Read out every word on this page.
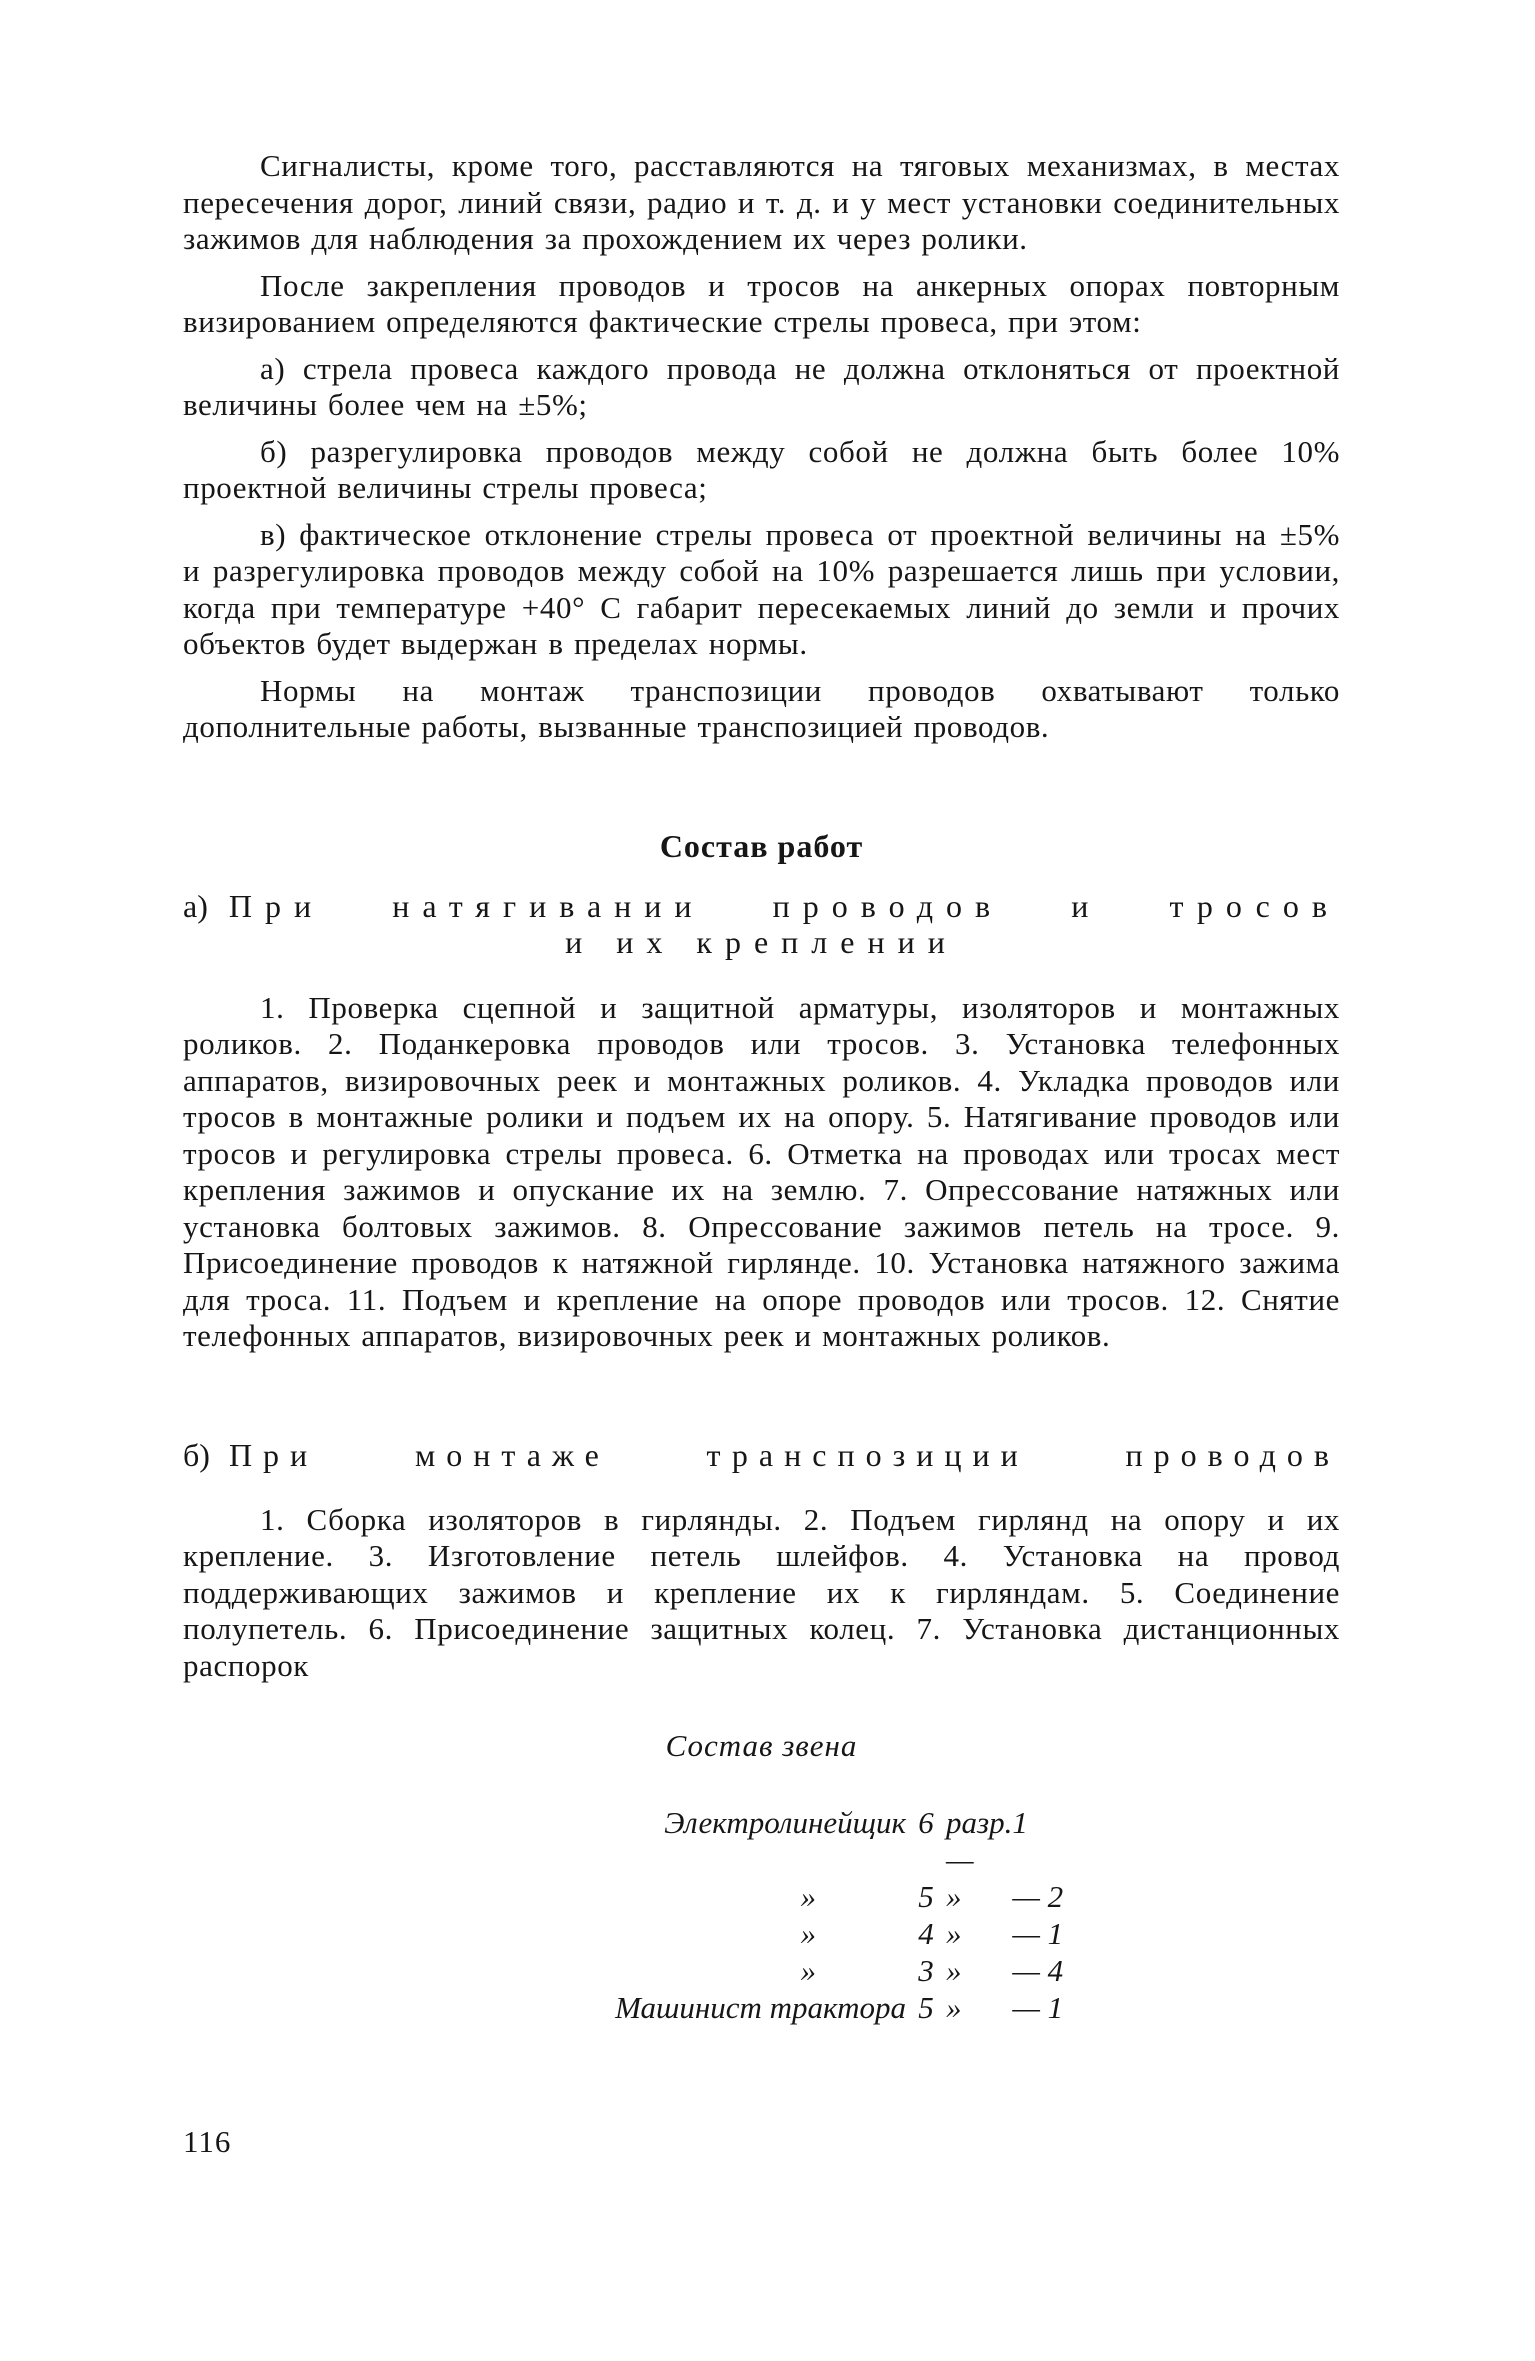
Сигналисты, кроме того, расставляются на тяговых механизмах, в местах пересечения дорог, линий связи, радио и т. д. и у мест установки соединительных зажимов для наблюдения за прохождением их через ролики.

После закрепления проводов и тросов на анкерных опорах повторным визированием определяются фактические стрелы провеса, при этом:

а) стрела провеса каждого провода не должна отклоняться от проектной величины более чем на ±5%;

б) разрегулировка проводов между собой не должна быть более 10% проектной величины стрелы провеса;

в) фактическое отклонение стрелы провеса от проектной величины на ±5% и разрегулировка проводов между собой на 10% разрешается лишь при условии, когда при температуре +40° С габарит пересекаемых линий до земли и прочих объектов будет выдержан в пределах нормы.

Нормы на монтаж транспозиции проводов охватывают только дополнительные работы, вызванные транспозицией проводов.

Состав работ
а) При натягивании проводов и тросов
и их креплении

1. Проверка сцепной и защитной арматуры, изоляторов и монтажных роликов. 2. Поданкеровка проводов или тросов. 3. Установка телефонных аппаратов, визировочных реек и монтажных роликов. 4. Укладка проводов или тросов в монтажные ролики и подъем их на опору. 5. Натягивание проводов или тросов и регулировка стрелы провеса. 6. Отметка на проводах или тросах мест крепления зажимов и опускание их на землю. 7. Опрессование натяжных или установка болтовых зажимов. 8. Опрессование зажимов петель на тросе. 9. Присоединение проводов к натяжной гирлянде. 10. Установка натяжного зажима для троса. 11. Подъем и крепление на опоре проводов или тросов. 12. Снятие телефонных аппаратов, визировочных реек и монтажных роликов.

б) При	монтаже	транспозиции	проводов

1. Сборка изоляторов в гирлянды. 2. Подъем гирлянд на опору и их крепление. 3. Изготовление петель шлейфов. 4. Установка на провод поддерживающих зажимов и крепление их к гирляндам. 5. Соединение полупетель. 6. Присоединение защитных колец. 7. Установка дистанционных распорок

Состав звена
Электролинейщик	6	разр.—	1
»	5	»	— 2
»	4	»	— 1
»	3	»	— 4
Машинист трактора	5	»	— 1
116
